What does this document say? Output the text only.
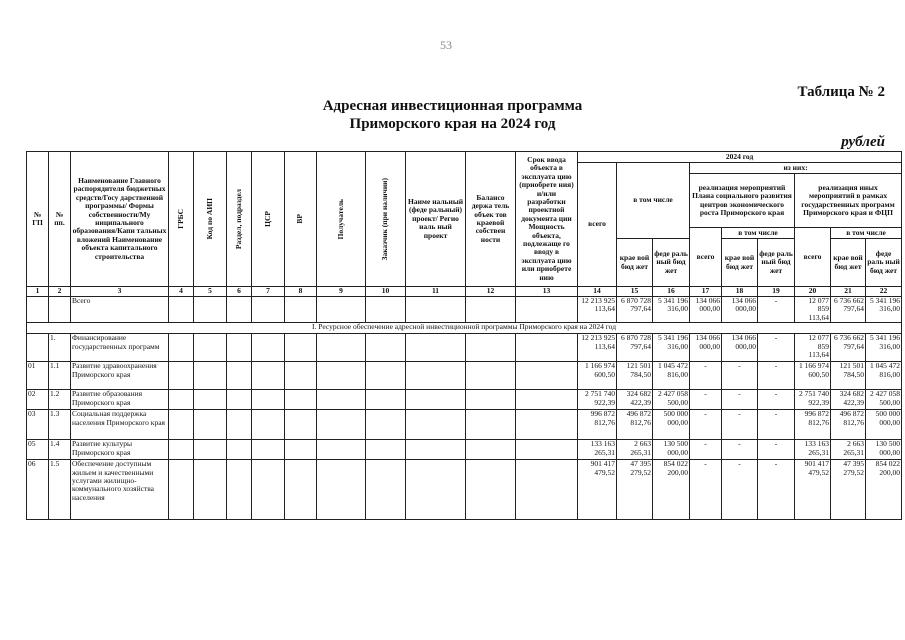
53
Таблица № 2
Адресная инвестиционная программа
Приморского края на 2024 год
рублей
№ ГП	№ пп.	Наименование Главного распорядителя бюджетных средств/Госу дарственной программы/ Формы собственности/Му ниципального образования/Капи тальных вложений Наименование объекта капитального строительства	ГРБС	Код по АИП	Раздел, подраздел	ЦСР	ВР	Получатель	Заказчик (при наличии)	Наиме нальный (феде ральный) проект/ Регио наль ный проект	Балансо держа тель объек тов краевой собствен ности	Срок ввода объекта в эксплуата цию (приобрете ния) и/или разработки проектной документа ции Мощность объекта, подлежаще го вводу в эксплуата цию или приобрете нию	2024 год								
													всего	в том числе		из них:					
																реализация мероприятий Плана социального развития центров экономического роста Приморского края			реализация иных мероприятий в рамках государственных программ Приморского края и ФЦП		
																всего	в том числе		всего	в том числе	
														крае вой бюд жет	феде раль ный бюд жет		крае вой бюд жет	феде раль ный бюд жет		крае вой бюд жет	феде раль ный бюд жет
1	2	3	4	5	6	7	8	9	10	11	12	13	14	15	16	17	18	19	20	21	22
		Всего											12 213 925 113,64	6 870 728 797,64	5 341 196 316,00	134 066 000,00	134 066 000,00	-	12 077 859 113,64	6 736 662 797,64	5 341 196 316,00
I. Ресурсное обеспечение адресной инвестиционной программы Приморского края на 2024 год																					
	1.	Финансирование государственных программ											12 213 925 113,64	6 870 728 797,64	5 341 196 316,00	134 066 000,00	134 066 000,00	-	12 077 859 113,64	6 736 662 797,64	5 341 196 316,00
01	1.1	Развитие здравоохранения Приморского края											1 166 974 600,50	121 501 784,50	1 045 472 816,00	-	-	-	1 166 974 600,50	121 501 784,50	1 045 472 816,00
02	1.2	Развитие образования Приморского края											2 751 740 922,39	324 682 422,39	2 427 058 500,00	-	-	-	2 751 740 922,39	324 682 422,39	2 427 058 500,00
03	1.3	Социальная поддержка населения Приморского края											996 872 812,76	496 872 812,76	500 000 000,00	-	-	-	996 872 812,76	496 872 812,76	500 000 000,00
05	1.4	Развитие культуры Приморского края											133 163 265,31	2 663 265,31	130 500 000,00	-	-	-	133 163 265,31	2 663 265,31	130 500 000,00
06	1.5	Обеспечение доступным жильем и качественными услугами жилищно-коммунального хозяйства населения											901 417 479,52	47 395 279,52	854 022 200,00	-	-	-	901 417 479,52	47 395 279,52	854 022 200,00
